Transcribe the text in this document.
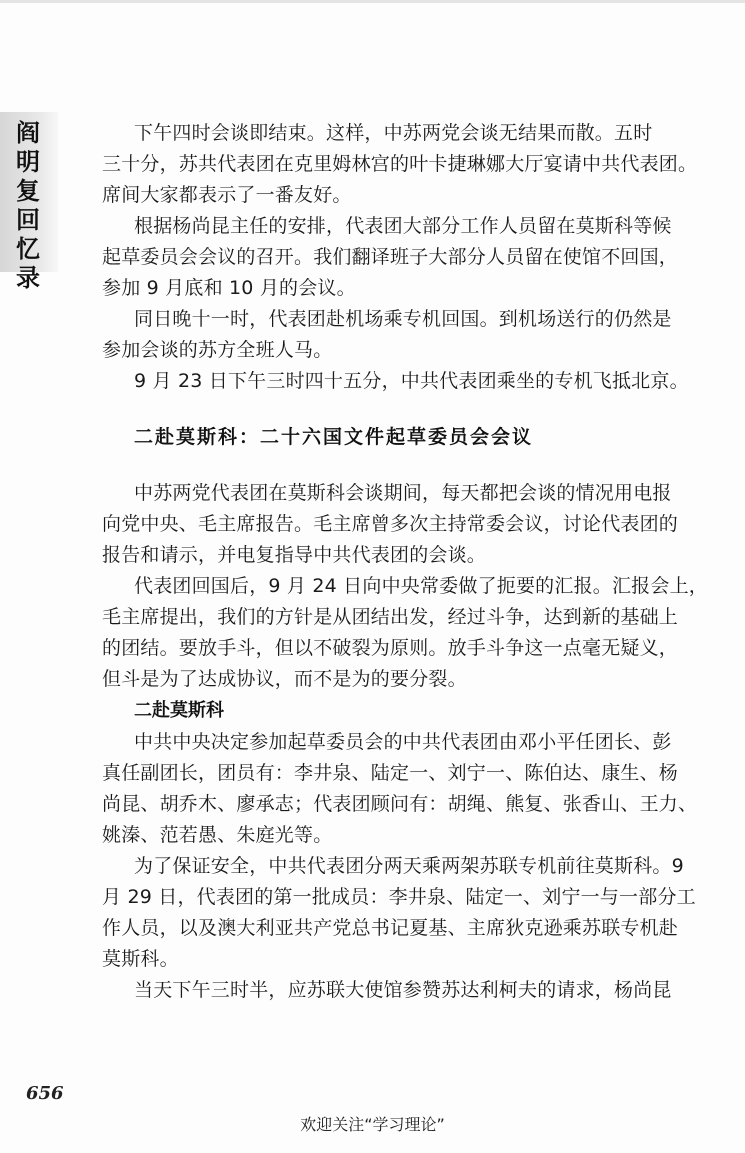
阎
明
复
回
忆
录
下午四时会谈即结束。这样，中苏两党会谈无结果而散。五时
三十分，苏共代表团在克里姆林宫的叶卡捷琳娜大厅宴请中共代表团。
席间大家都表示了一番友好。
根据杨尚昆主任的安排，代表团大部分工作人员留在莫斯科等候
起草委员会会议的召开。我们翻译班子大部分人员留在使馆不回国，
参加 9 月底和 10 月的会议。
同日晚十一时，代表团赴机场乘专机回国。到机场送行的仍然是
参加会谈的苏方全班人马。
9 月 23 日下午三时四十五分，中共代表团乘坐的专机飞抵北京。
二赴莫斯科：二十六国文件起草委员会会议
中苏两党代表团在莫斯科会谈期间，每天都把会谈的情况用电报
向党中央、毛主席报告。毛主席曾多次主持常委会议，讨论代表团的
报告和请示，并电复指导中共代表团的会谈。
代表团回国后，9 月 24 日向中央常委做了扼要的汇报。汇报会上，
毛主席提出，我们的方针是从团结出发，经过斗争，达到新的基础上
的团结。要放手斗，但以不破裂为原则。放手斗争这一点毫无疑义，
但斗是为了达成协议，而不是为的要分裂。
二赴莫斯科
中共中央决定参加起草委员会的中共代表团由邓小平任团长、彭
真任副团长，团员有：李井泉、陆定一、刘宁一、陈伯达、康生、杨
尚昆、胡乔木、廖承志；代表团顾问有：胡绳、熊复、张香山、王力、
姚溱、范若愚、朱庭光等。
为了保证安全，中共代表团分两天乘两架苏联专机前往莫斯科。9
月 29 日，代表团的第一批成员：李井泉、陆定一、刘宁一与一部分工
作人员，以及澳大利亚共产党总书记夏基、主席狄克逊乘苏联专机赴
莫斯科。
当天下午三时半，应苏联大使馆参赞苏达利柯夫的请求，杨尚昆
656
欢迎关注“学习理论”
